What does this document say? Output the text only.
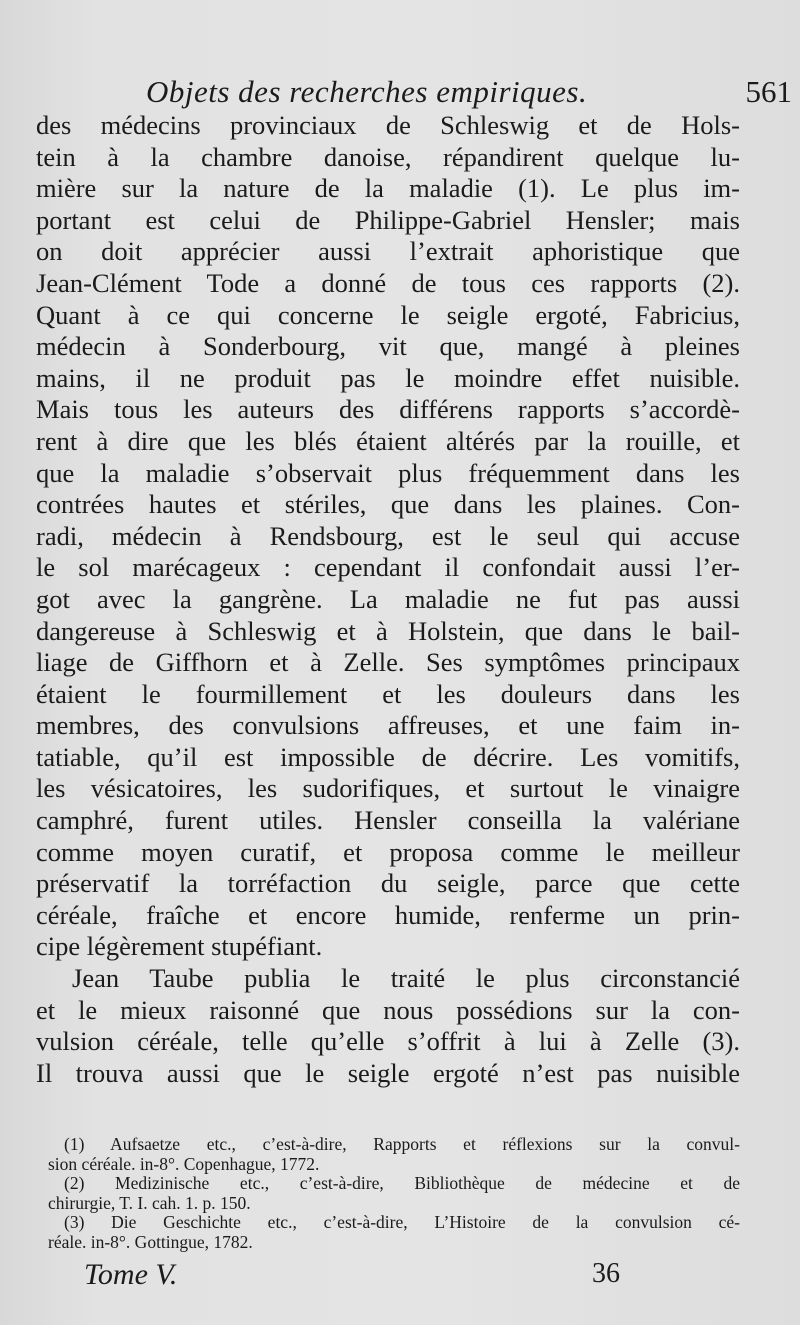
Objets des recherches empiriques.	561
des médecins provinciaux de Schleswig et de Hols-
tein à la chambre danoise, répandirent quelque lu-
mière sur la nature de la maladie (1). Le plus im-
portant est celui de Philippe-Gabriel Hensler; mais
on doit apprécier aussi l’extrait aphoristique que
Jean-Clément Tode a donné de tous ces rapports (2).
Quant à ce qui concerne le seigle ergoté, Fabricius,
médecin à Sonderbourg, vit que, mangé à pleines
mains, il ne produit pas le moindre effet nuisible.
Mais tous les auteurs des différens rapports s’accordè-
rent à dire que les blés étaient altérés par la rouille, et
que la maladie s’observait plus fréquemment dans les
contrées hautes et stériles, que dans les plaines. Con-
radi, médecin à Rendsbourg, est le seul qui accuse
le sol marécageux : cependant il confondait aussi l’er-
got avec la gangrène. La maladie ne fut pas aussi
dangereuse à Schleswig et à Holstein, que dans le bail-
liage de Giffhorn et à Zelle. Ses symptômes principaux
étaient le fourmillement et les douleurs dans les
membres, des convulsions affreuses, et une faim in-
tatiable, qu’il est impossible de décrire. Les vomitifs,
les vésicatoires, les sudorifiques, et surtout le vinaigre
camphré, furent utiles. Hensler conseilla la valériane
comme moyen curatif, et proposa comme le meilleur
préservatif la torréfaction du seigle, parce que cette
céréale, fraîche et encore humide, renferme un prin-
cipe légèrement stupéfiant.
Jean Taube publia le traité le plus circonstancié
et le mieux raisonné que nous possédions sur la con-
vulsion céréale, telle qu’elle s’offrit à lui à Zelle (3).
Il trouva aussi que le seigle ergoté n’est pas nuisible
(1) Aufsaetze etc., c’est-à-dire, Rapports et réflexions sur la convul-
sion céréale. in-8°. Copenhague, 1772.
(2) Medizinische etc., c’est-à-dire, Bibliothèque de médecine et de
chirurgie, T. I. cah. 1. p. 150.
(3) Die Geschichte etc., c’est-à-dire, L’Histoire de la convulsion cé-
réale. in-8°. Gottingue, 1782.
Tome V.	36
